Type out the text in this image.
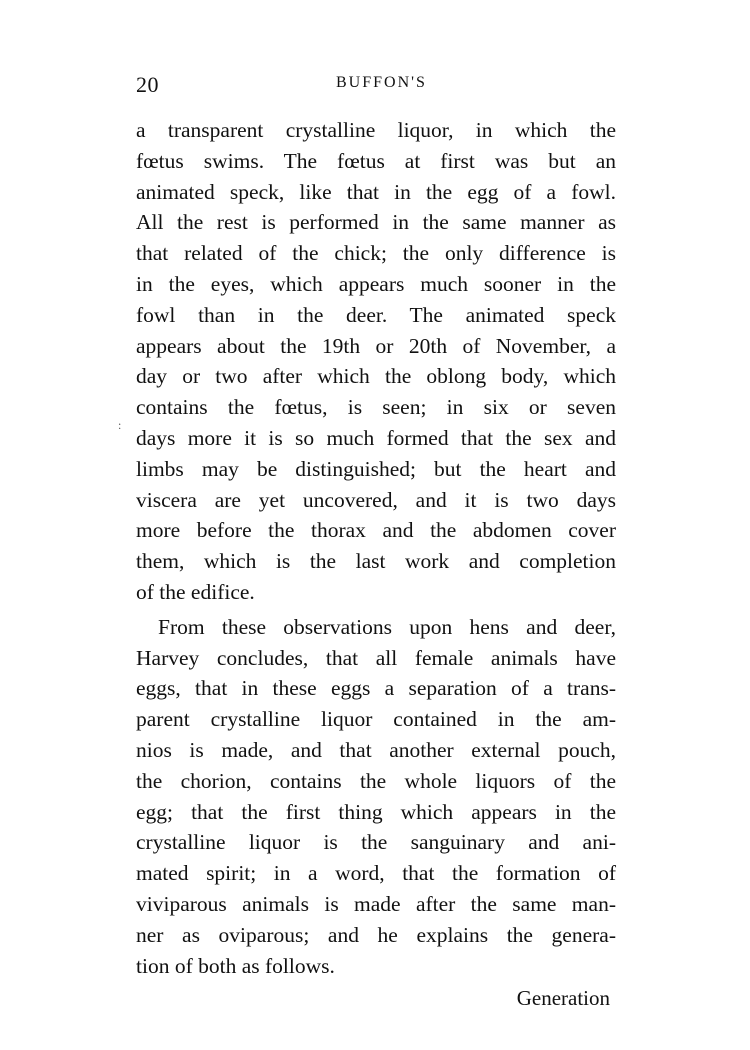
20	BUFFON'S
:
a transparent crystalline liquor, in which the
fœtus swims. The fœtus at first was but an
animated speck, like that in the egg of a fowl.
All the rest is performed in the same manner as
that related of the chick; the only difference is
in the eyes, which appears much sooner in the
fowl than in the deer. The animated speck
appears about the 19th or 20th of November, a
day or two after which the oblong body, which
contains the fœtus, is seen; in six or seven
days more it is so much formed that the sex and
limbs may be distinguished; but the heart and
viscera are yet uncovered, and it is two days
more before the thorax and the abdomen cover
them, which is the last work and completion
of the edifice.
From these observations upon hens and deer,
Harvey concludes, that all female animals have
eggs, that in these eggs a separation of a trans-
parent crystalline liquor contained in the am-
nios is made, and that another external pouch,
the chorion, contains the whole liquors of the
egg; that the first thing which appears in the
crystalline liquor is the sanguinary and ani-
mated spirit; in a word, that the formation of
viviparous animals is made after the same man-
ner as oviparous; and he explains the genera-
tion of both as follows.
Generation
